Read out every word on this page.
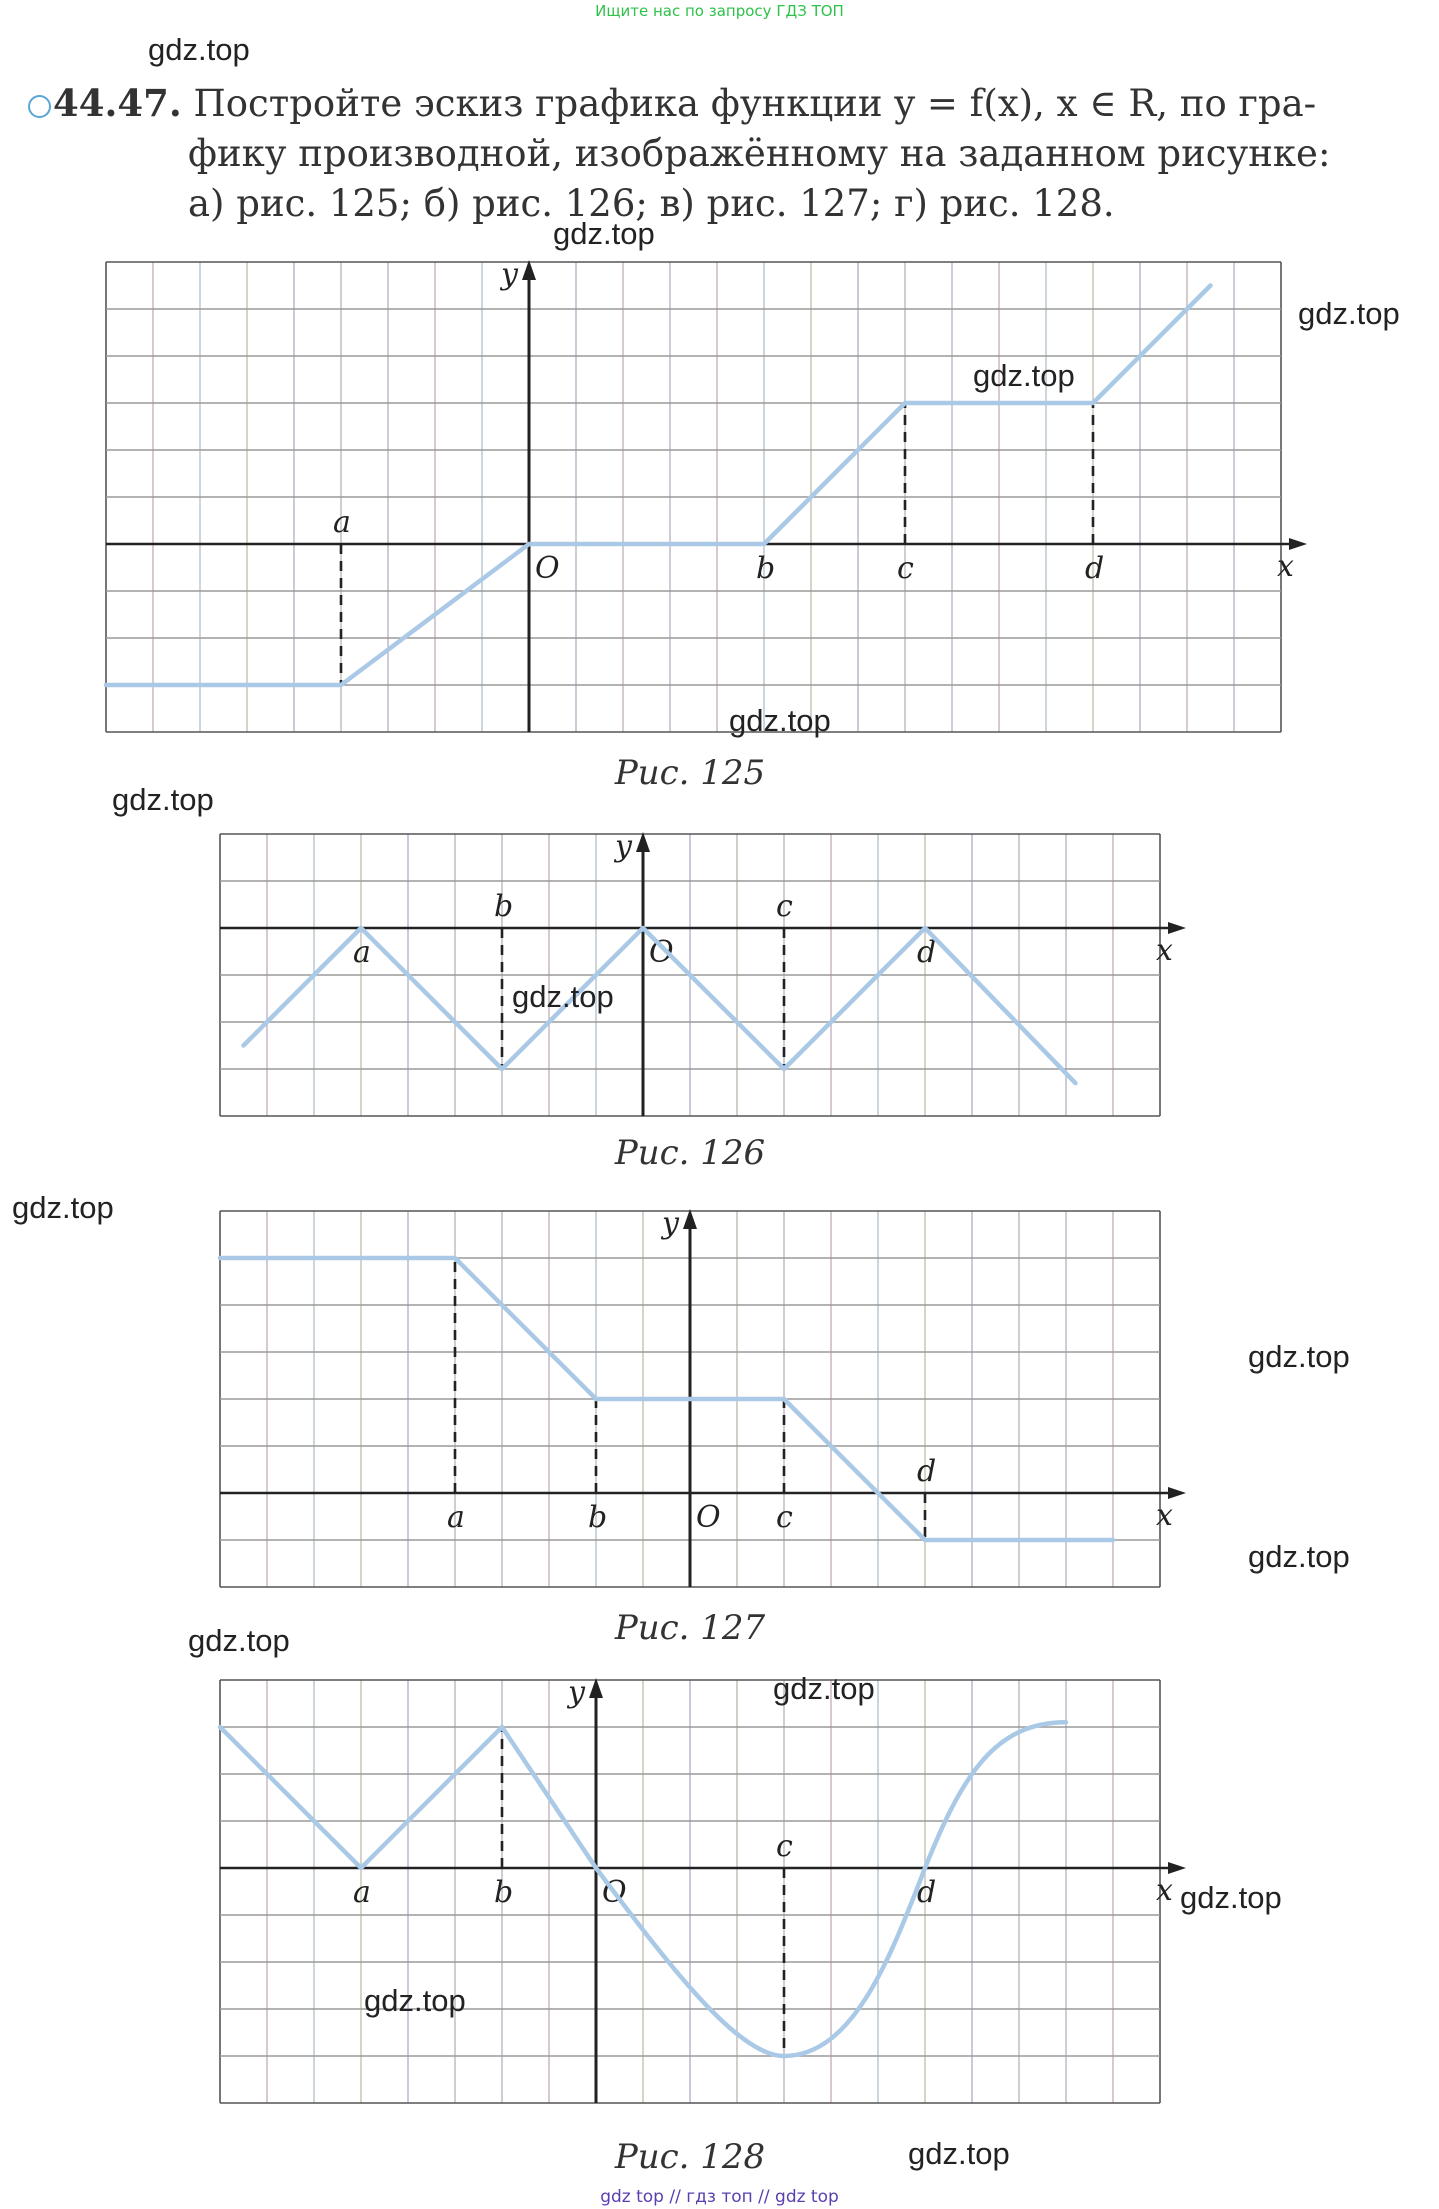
Ищите нас по запросу ГДЗ ТОП
44.47. Постройте эскиз графика функции y = f(x), x ∈ R, по гра-
фику производной, изображённому на заданном рисунке:
а) рис. 125; б) рис. 126; в) рис. 127; г) рис. 128.
y
x
O
a
b	c	d
Рис. 125
y
x
O
a
b	c
d
Рис. 126
y
x
O
a	b	c
d
Рис. 127
y
x
O
a	b
c
d
Рис. 128
gdz.top
gdz.top
gdz.top
gdz.top
gdz.top
gdz.top
gdz.top
gdz.top
gdz.top
gdz.top
gdz.top
gdz.top
gdz.top
gdz.top
gdz.top
gdz top // гдз топ // gdz top
